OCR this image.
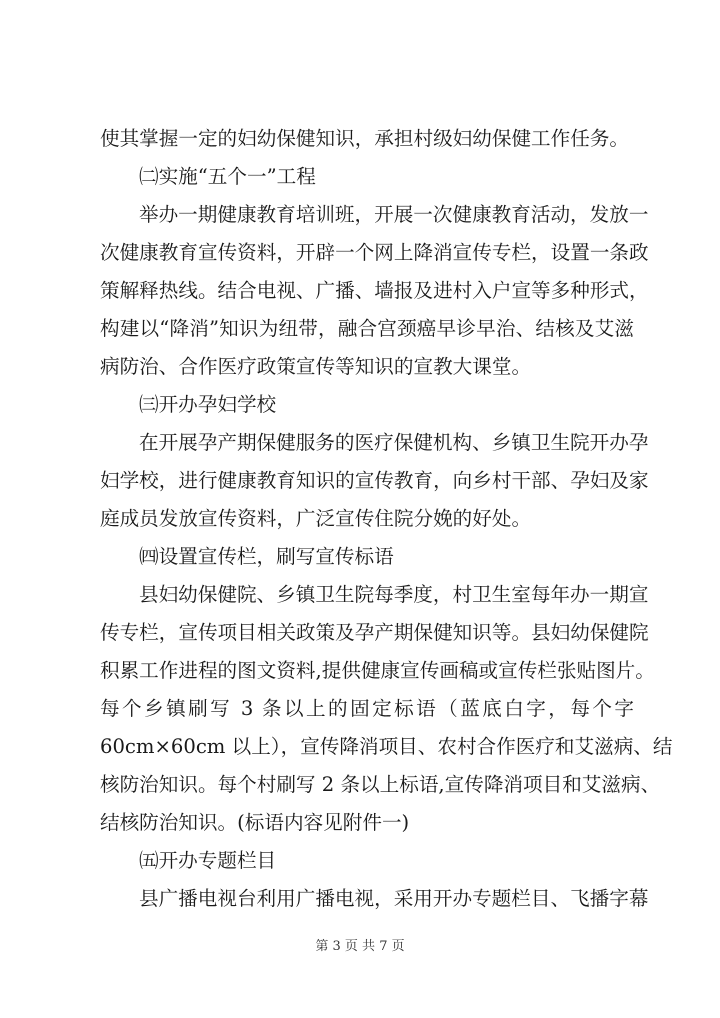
使其掌握一定的妇幼保健知识，承担村级妇幼保健工作任务。
㈡实施“五个一”工程
举办一期健康教育培训班，开展一次健康教育活动，发放一
次健康教育宣传资料，开辟一个网上降消宣传专栏，设置一条政
策解释热线。结合电视、广播、墙报及进村入户宣等多种形式，
构建以“降消”知识为纽带，融合宫颈癌早诊早治、结核及艾滋
病防治、合作医疗政策宣传等知识的宣教大课堂。
㈢开办孕妇学校
在开展孕产期保健服务的医疗保健机构、乡镇卫生院开办孕
妇学校，进行健康教育知识的宣传教育，向乡村干部、孕妇及家
庭成员发放宣传资料，广泛宣传住院分娩的好处。
㈣设置宣传栏，刷写宣传标语
县妇幼保健院、乡镇卫生院每季度，村卫生室每年办一期宣
传专栏，宣传项目相关政策及孕产期保健知识等。县妇幼保健院
积累工作进程的图文资料,提供健康宣传画稿或宣传栏张贴图片。
每个乡镇刷写 3 条以上的固定标语（蓝底白字，每个字
60cm×60cm 以上），宣传降消项目、农村合作医疗和艾滋病、结
核防治知识。每个村刷写 2 条以上标语,宣传降消项目和艾滋病、
结核防治知识。(标语内容见附件一)
㈤开办专题栏目
县广播电视台利用广播电视，采用开办专题栏目、飞播字幕
第 3 页 共 7 页
